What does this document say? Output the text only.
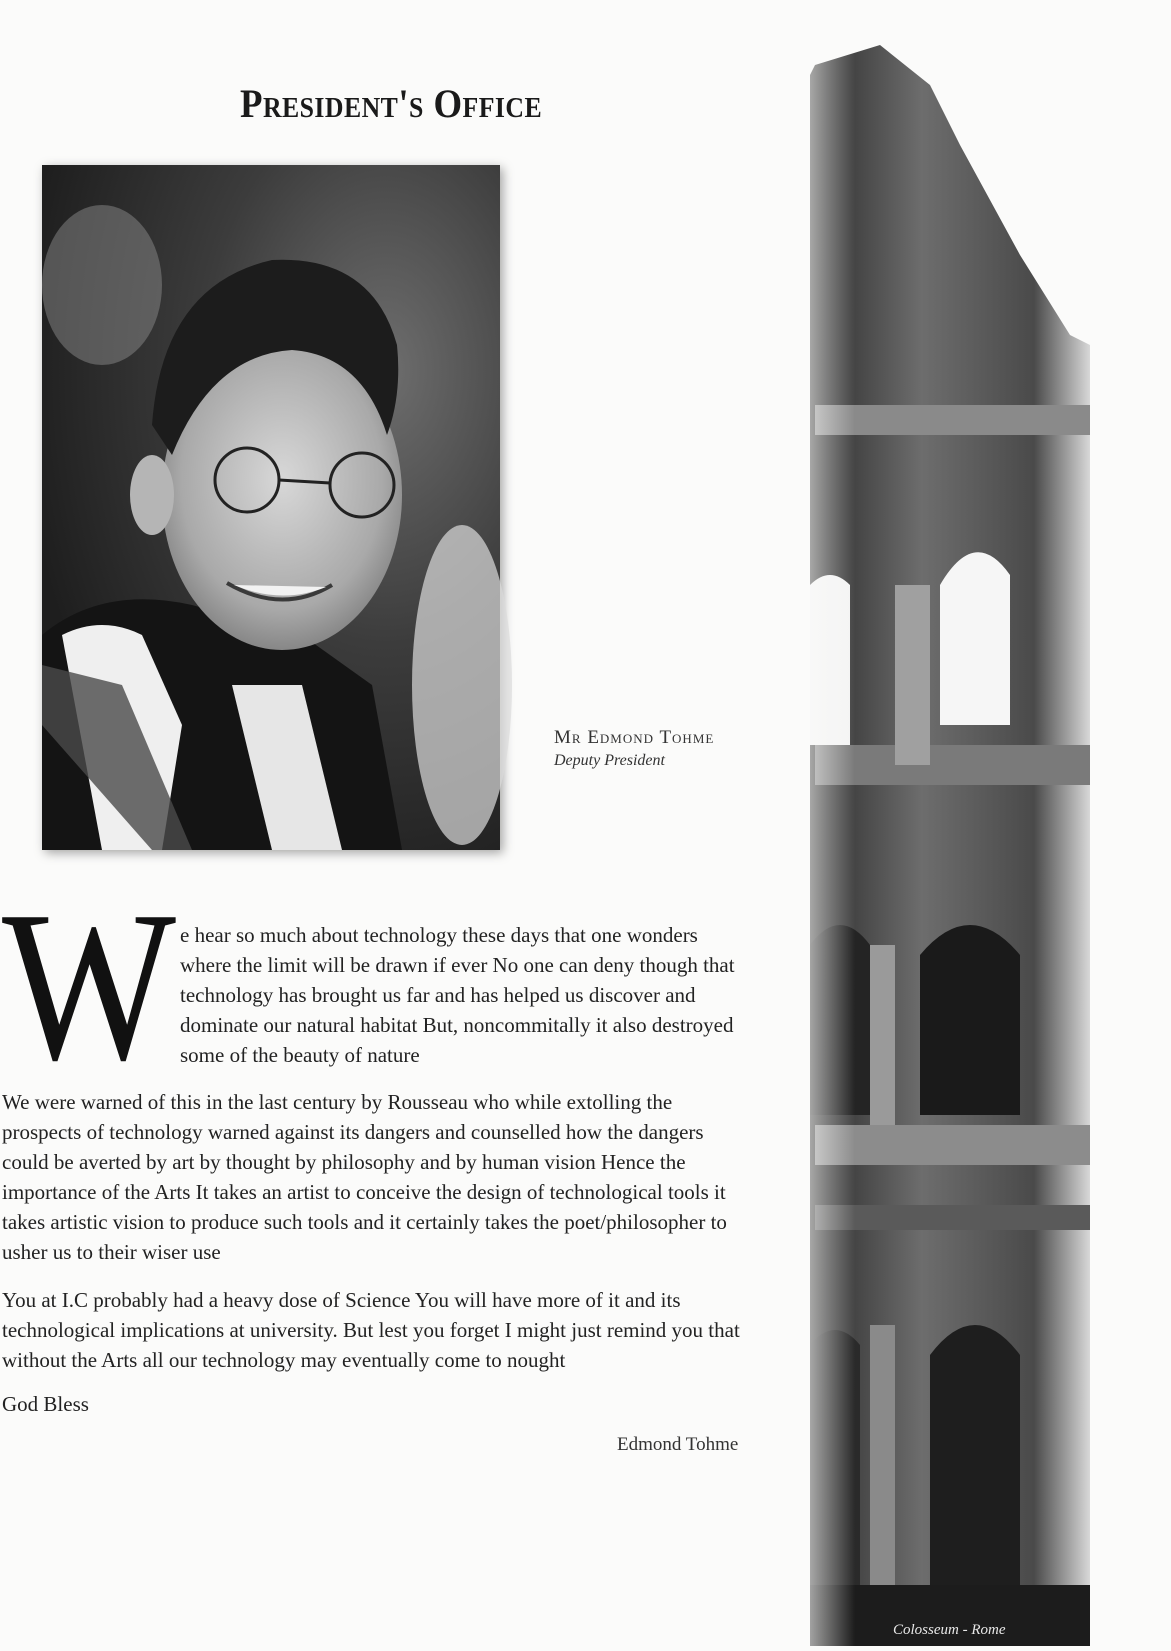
President's Office
Mr Edmond Tohme
Deputy President
W e hear so much about technology these days that one wonders where the limit will be drawn if ever No one can deny though that technology has brought us far and has helped us discover and dominate our natural habitat But, noncommitally it also destroyed some of the beauty of nature
We were warned of this in the last century by Rousseau who while extolling the prospects of technology warned against its dangers and counselled how the dangers could be averted by art by thought by philosophy and by human vision Hence the importance of the Arts It takes an artist to conceive the design of technological tools it takes artistic vision to produce such tools and it certainly takes the poet/philosopher to usher us to their wiser use
You at I.C probably had a heavy dose of Science You will have more of it and its technological implications at university. But lest you forget I might just remind you that without the Arts all our technology may eventually come to nought
God Bless
Edmond Tohme
Colosseum - Rome
